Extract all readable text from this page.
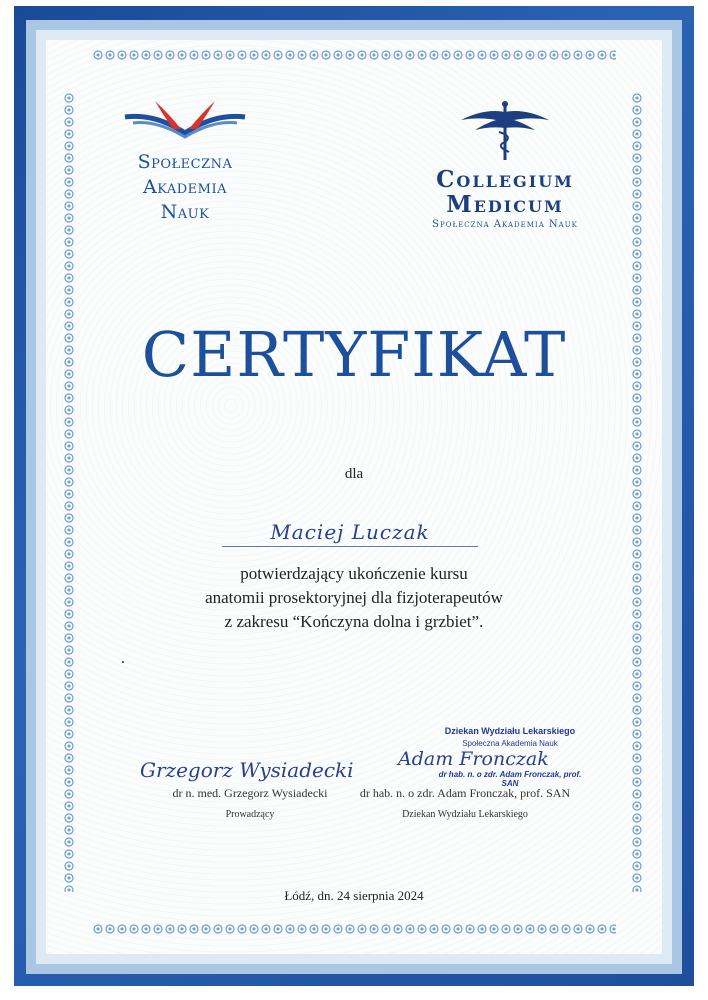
Społeczna
Akademia
Nauk
Collegium
Medicum
Społeczna Akademia Nauk
CERTYFIKAT
dla
Maciej Luczak
potwierdzający ukończenie kursu
anatomii prosektoryjnej dla fizjoterapeutów
z zakresu “Kończyna dolna i grzbiet”.
Grzegorz Wysiadecki
dr n. med. Grzegorz Wysiadecki
Prowadzący
Dziekan Wydziału Lekarskiego
Społeczna Akademia Nauk
dr hab. n. o zdr. Adam Fronczak, prof. SAN
Adam Fronczak
dr hab. n. o zdr. Adam Fronczak, prof. SAN
Dziekan Wydziału Lekarskiego
Łódź, dn. 24 sierpnia 2024
